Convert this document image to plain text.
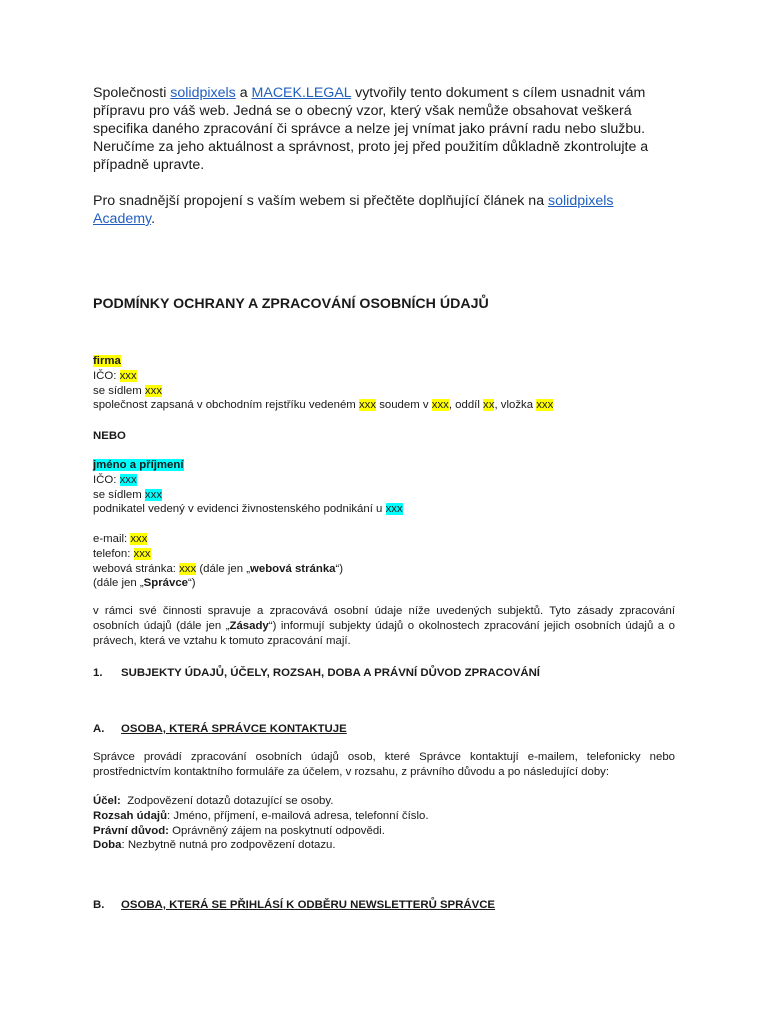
Společnosti solidpixels a MACEK.LEGAL vytvořily tento dokument s cílem usnadnit vám přípravu pro váš web. Jedná se o obecný vzor, který však nemůže obsahovat veškerá specifika daného zpracování či správce a nelze jej vnímat jako právní radu nebo službu. Neručíme za jeho aktuálnost a správnost, proto jej před použitím důkladně zkontrolujte a případně upravte.

Pro snadnější propojení s vaším webem si přečtěte doplňující článek na solidpixels Academy.

PODMÍNKY OCHRANY A ZPRACOVÁNÍ OSOBNÍCH ÚDAJŮ
firma
IČO: xxx
se sídlem xxx
společnost zapsaná v obchodním rejstříku vedeném xxx soudem v xxx, oddíl xx, vložka xxx
NEBO
jméno a příjmení
IČO: xxx
se sídlem xxx
podnikatel vedený v evidenci živnostenského podnikání u xxx
e-mail: xxx
telefon: xxx
webová stránka: xxx (dále jen „webová stránka“)
(dále jen „Správce“)
v rámci své činnosti spravuje a zpracovává osobní údaje níže uvedených subjektů. Tyto zásady zpracování osobních údajů (dále jen „Zásady“) informují subjekty údajů o okolnostech zpracování jejich osobních údajů a o právech, která ve vztahu k tomuto zpracování mají.
1.	SUBJEKTY ÚDAJŮ, ÚČELY, ROZSAH, DOBA A PRÁVNÍ DŮVOD ZPRACOVÁNÍ
A.	OSOBA, KTERÁ SPRÁVCE KONTAKTUJE
Správce provádí zpracování osobních údajů osob, které Správce kontaktují e-mailem, telefonicky nebo prostřednictvím kontaktního formuláře za účelem, v rozsahu, z právního důvodu a po následující doby:
Účel:  Zodpovězení dotazů dotazující se osoby.
Rozsah údajů: Jméno, příjmení, e-mailová adresa, telefonní číslo.
Právní důvod: Oprávněný zájem na poskytnutí odpovědi.
Doba: Nezbytně nutná pro zodpovězení dotazu.
B.	OSOBA, KTERÁ SE PŘIHLÁSÍ K ODBĚRU NEWSLETTERŮ SPRÁVCE
